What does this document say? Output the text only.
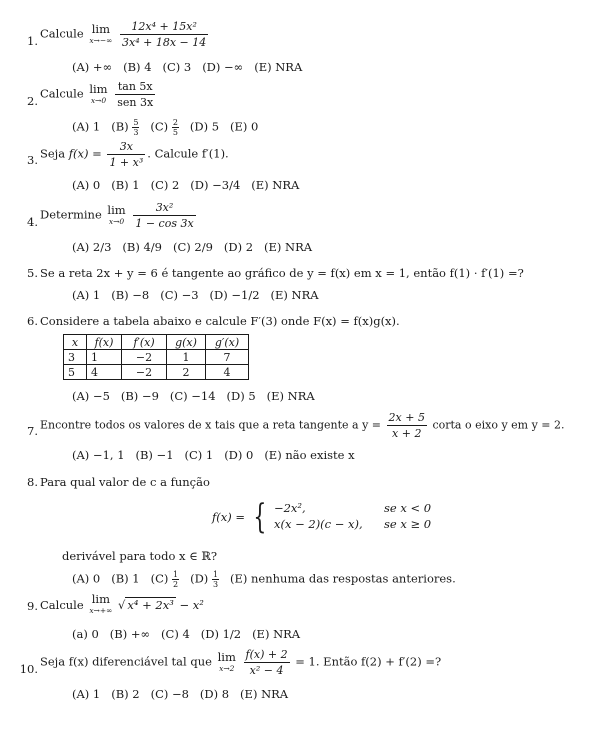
1.
Calcule lim
x→−∞
$\frac{\text{12x⁴ + 15x²}}{\text{3x⁴ + 18x − 14}}$
(A) +∞   (B) 4   (C) 3   (D) −∞   (E) NRA
2.
Calcule lim
x→0
$\frac{\tan 5x}{\text{sen 3x}}$
(A) 1   $(B) \frac{5}{3} (C) \frac{2}{5} (D)$ 5   (E) 0
3. Seja $f(x) = \frac{3x}{\text{1 + x³}}$ . Calcule f′(1).
(A) 0   (B) 1   (C) 2   (D) −3/4   (E) NRA
4.
Determine lim
x→0
$\frac{\text{3x²}}{1 - \cos 3x}$
(A) 2/3   (B) 4/9   (C) 2/9   (D) 2   (E) NRA
5. Se a reta 2x + y = 6 é tangente ao gráfico de y = f(x) em x = 1, então f(1) · f′(1) =?
(A) 1   (B) −8   (C) −3   (D) −1/2   (E) NRA
6. Considere a tabela abaixo e calcule F′(3) onde F(x) = f(x)g(x).
x	f(x)	f′(x)	g(x)	g′(x)
3	1	−2	1	7
5	4	−2	2	4
(A) −5   (B) −9   (C) −14   (D) 5   (E) NRA
7. Encontre todos os valores de x tais que a reta tangente a $y = \frac{2x + 5}{x + 2}$ corta o eixo y em y = 2.
(A) −1, 1   (B) −1   (C) 1   (D) 0   (E) não existe x
8. Para qual valor de c a função
f(x) = { −2x²,	se x < 0
x(x − 2)(c − x), se x ≥ 0
derivável para todo x ∈ ℝ?
(A) 0   (B) 1   $(C) \frac{1}{2} (D) \frac{1}{3} (E)$ nenhuma das respostas anteriores.
9. Calcule lim
x→+∞ √ x⁴ + 2x³ − x²
(a) 0   (B) +∞   (C) 4   (D) 1/2   (E) NRA
10.
Seja f(x) diferenciável tal que lim
x→2
$\frac{f(x) + 2}{\text{x² − 4}} = 1$. Então f(2) + f′(2) =?
(A) 1   (B) 2   (C) −8   (D) 8   (E) NRA
